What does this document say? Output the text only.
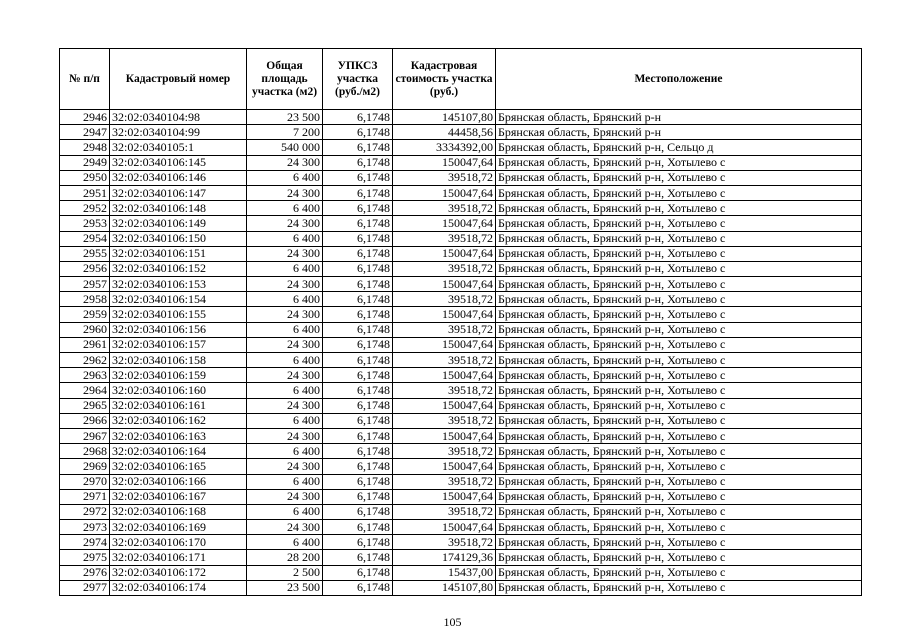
№ п/п	Кадастровый номер	Общая площадь участка (м2)	УПКСЗ участка (руб./м2)	Кадастровая стоимость участка (руб.)	Местоположение
2946	32:02:0340104:98	23 500	6,1748	145107,80	Брянская область, Брянский р-н
2947	32:02:0340104:99	7 200	6,1748	44458,56	Брянская область, Брянский р-н
2948	32:02:0340105:1	540 000	6,1748	3334392,00	Брянская область, Брянский р-н, Сельцо д
2949	32:02:0340106:145	24 300	6,1748	150047,64	Брянская область, Брянский р-н, Хотылево с
2950	32:02:0340106:146	6 400	6,1748	39518,72	Брянская область, Брянский р-н, Хотылево с
2951	32:02:0340106:147	24 300	6,1748	150047,64	Брянская область, Брянский р-н, Хотылево с
2952	32:02:0340106:148	6 400	6,1748	39518,72	Брянская область, Брянский р-н, Хотылево с
2953	32:02:0340106:149	24 300	6,1748	150047,64	Брянская область, Брянский р-н, Хотылево с
2954	32:02:0340106:150	6 400	6,1748	39518,72	Брянская область, Брянский р-н, Хотылево с
2955	32:02:0340106:151	24 300	6,1748	150047,64	Брянская область, Брянский р-н, Хотылево с
2956	32:02:0340106:152	6 400	6,1748	39518,72	Брянская область, Брянский р-н, Хотылево с
2957	32:02:0340106:153	24 300	6,1748	150047,64	Брянская область, Брянский р-н, Хотылево с
2958	32:02:0340106:154	6 400	6,1748	39518,72	Брянская область, Брянский р-н, Хотылево с
2959	32:02:0340106:155	24 300	6,1748	150047,64	Брянская область, Брянский р-н, Хотылево с
2960	32:02:0340106:156	6 400	6,1748	39518,72	Брянская область, Брянский р-н, Хотылево с
2961	32:02:0340106:157	24 300	6,1748	150047,64	Брянская область, Брянский р-н, Хотылево с
2962	32:02:0340106:158	6 400	6,1748	39518,72	Брянская область, Брянский р-н, Хотылево с
2963	32:02:0340106:159	24 300	6,1748	150047,64	Брянская область, Брянский р-н, Хотылево с
2964	32:02:0340106:160	6 400	6,1748	39518,72	Брянская область, Брянский р-н, Хотылево с
2965	32:02:0340106:161	24 300	6,1748	150047,64	Брянская область, Брянский р-н, Хотылево с
2966	32:02:0340106:162	6 400	6,1748	39518,72	Брянская область, Брянский р-н, Хотылево с
2967	32:02:0340106:163	24 300	6,1748	150047,64	Брянская область, Брянский р-н, Хотылево с
2968	32:02:0340106:164	6 400	6,1748	39518,72	Брянская область, Брянский р-н, Хотылево с
2969	32:02:0340106:165	24 300	6,1748	150047,64	Брянская область, Брянский р-н, Хотылево с
2970	32:02:0340106:166	6 400	6,1748	39518,72	Брянская область, Брянский р-н, Хотылево с
2971	32:02:0340106:167	24 300	6,1748	150047,64	Брянская область, Брянский р-н, Хотылево с
2972	32:02:0340106:168	6 400	6,1748	39518,72	Брянская область, Брянский р-н, Хотылево с
2973	32:02:0340106:169	24 300	6,1748	150047,64	Брянская область, Брянский р-н, Хотылево с
2974	32:02:0340106:170	6 400	6,1748	39518,72	Брянская область, Брянский р-н, Хотылево с
2975	32:02:0340106:171	28 200	6,1748	174129,36	Брянская область, Брянский р-н, Хотылево с
2976	32:02:0340106:172	2 500	6,1748	15437,00	Брянская область, Брянский р-н, Хотылево с
2977	32:02:0340106:174	23 500	6,1748	145107,80	Брянская область, Брянский р-н, Хотылево с
105
